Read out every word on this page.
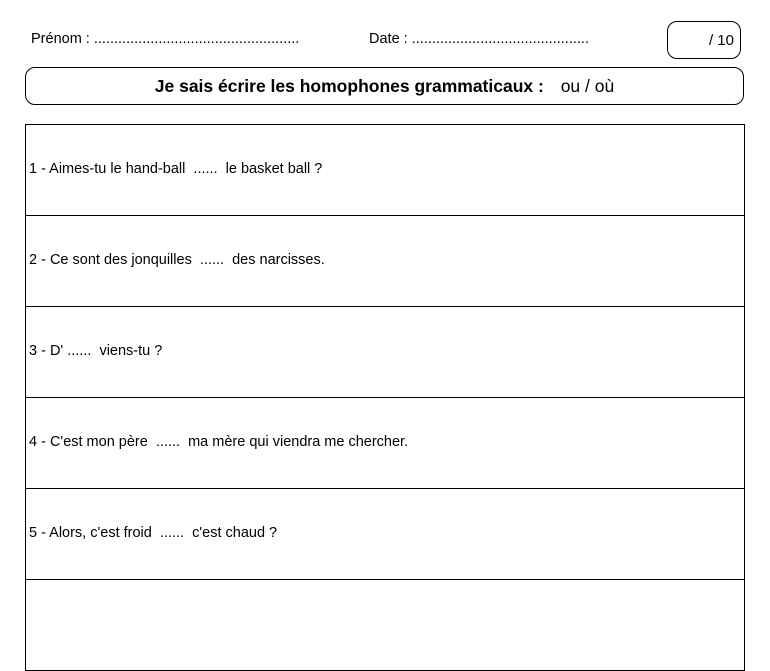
Prénom : ...................................................	Date : ............................................	/ 10
Je sais écrire les homophones grammaticaux : ou / où
1 - Aimes-tu le hand-ball  ......  le basket ball ?
2 - Ce sont des jonquilles  ......  des narcisses.
3 - D' ......  viens-tu ?
4 - C'est mon père  ......  ma mère qui viendra me chercher.
5 - Alors, c'est froid  ......  c'est chaud ?
